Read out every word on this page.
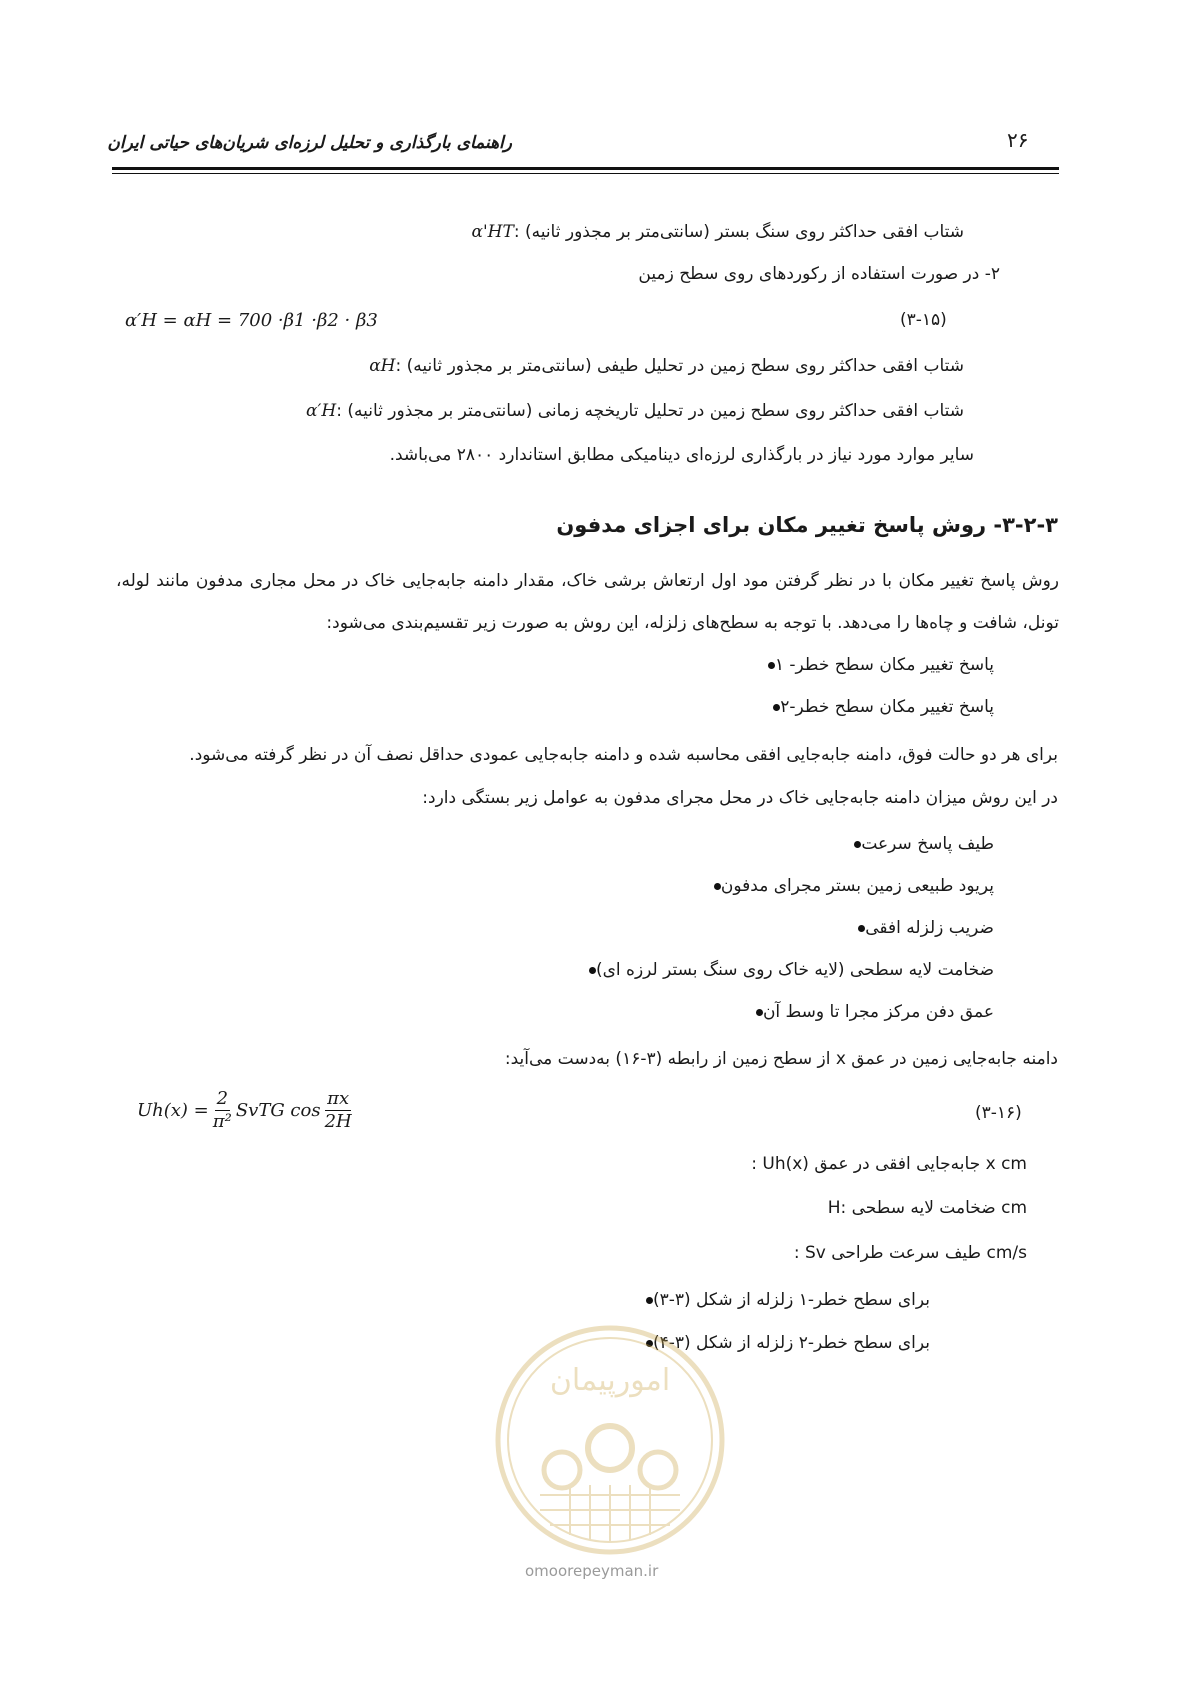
راهنمای بارگذاری و تحلیل لرزه‌ای شریان‌های حیاتی ایران	۲۶
α'HT: شتاب افقی حداکثر روی سنگ بستر (سانتی‌متر بر مجذور ثانیه)
۲- در صورت استفاده از رکوردهای روی سطح زمین
(۳-۱۵)
α′H = αH = 700 ·β1 ·β2 · β3
αH: شتاب افقی حداکثر روی سطح زمین در تحلیل طیفی (سانتی‌متر بر مجذور ثانیه)
α′H: شتاب افقی حداکثر روی سطح زمین در تحلیل تاریخچه زمانی (سانتی‌متر بر مجذور ثانیه)
سایر موارد مورد نیاز در بارگذاری لرزه‌ای دینامیکی مطابق استاندارد ۲۸۰۰ می‌باشد.
۳-۲-۳- روش پاسخ تغییر مکان برای اجزای مدفون
روش پاسخ تغییر مکان با در نظر گرفتن مود اول ارتعاش برشی خاک، مقدار دامنه جابه‌جایی خاک در محل مجاری مدفون مانند لوله، تونل، شافت و چاه‌ها را می‌دهد. با توجه به سطح‌های زلزله، این روش به صورت زیر تقسیم‌بندی می‌شود:
پاسخ تغییر مکان سطح خطر- ۱
پاسخ تغییر مکان سطح خطر-۲
برای هر دو حالت فوق، دامنه جابه‌جایی افقی محاسبه شده و دامنه جابه‌جایی عمودی حداقل نصف آن در نظر گرفته می‌شود.
در این روش میزان دامنه جابه‌جایی خاک در محل مجرای مدفون به عوامل زیر بستگی دارد:
طیف پاسخ سرعت
پریود طبیعی زمین بستر مجرای مدفون
ضریب زلزله افقی
ضخامت لایه سطحی (لایه خاک روی سنگ بستر لرزه ای)
عمق دفن مرکز مجرا تا وسط آن
دامنه جابه‌جایی زمین در عمق x از سطح زمین از رابطه (۳-۱۶) به‌دست می‌آید:
(۳-۱۶)
$Uh(x) = \frac{2}{\text{π²}}$ SvTG $\cos \frac{\pi x}{2H}$
: Uh(x) جابه‌جایی افقی در عمق x cm
H: ضخامت لایه سطحی cm
: Sv طیف سرعت طراحی cm/s
برای سطح خطر-۱ زلزله از شکل (۳-۳)
برای سطح خطر-۲ زلزله از شکل (۳-۴)
امورپیمان
omoorepeyman.ir
